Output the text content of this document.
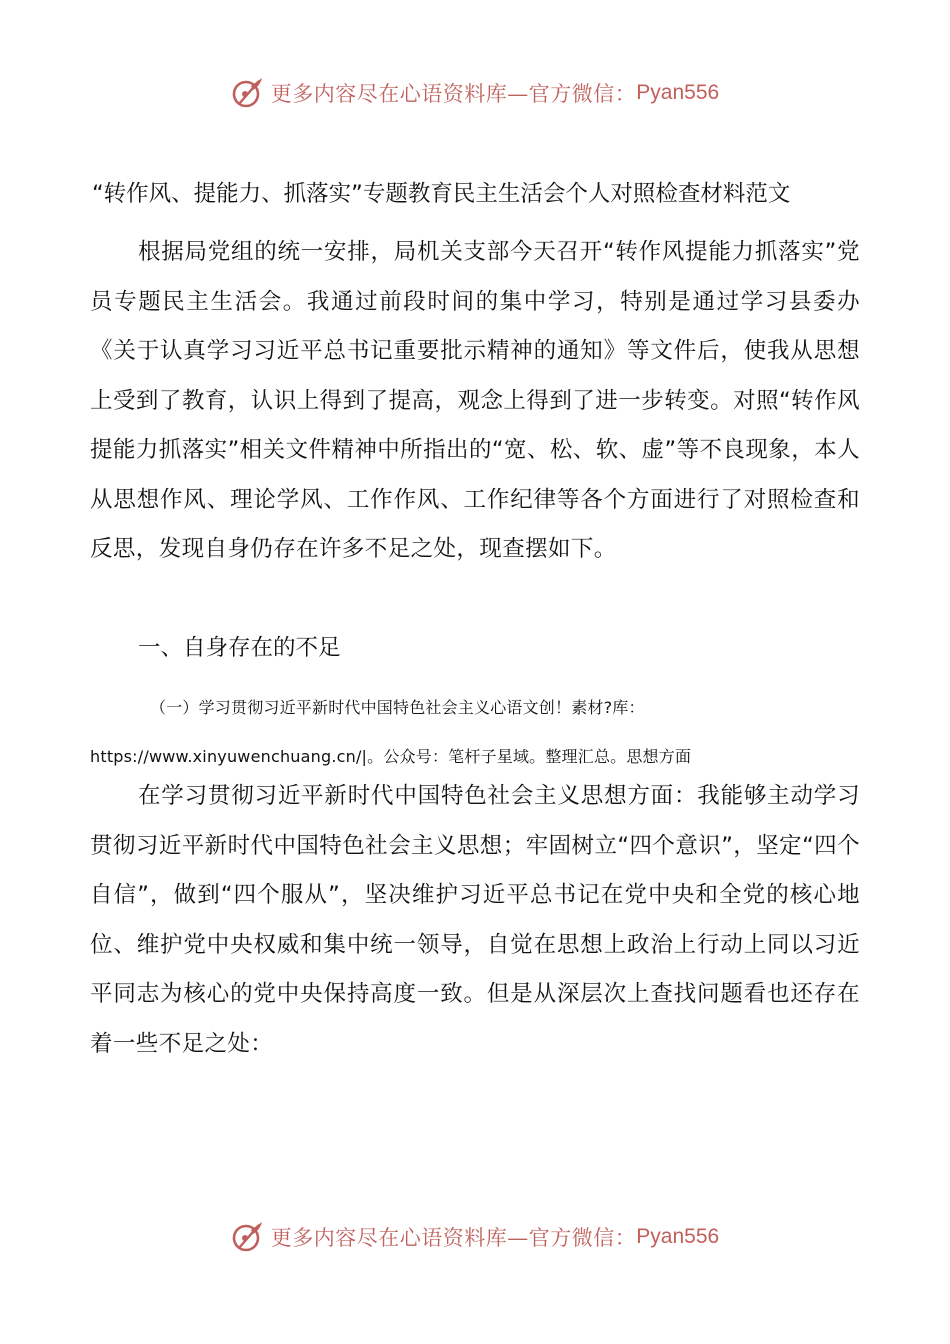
更多内容尽在心语资料库—官方微信： Pyan556
“转作风、提能力、抓落实”专题教育民主生活会个人对照检查材料范文
根据局党组的统一安排，局机关支部今天召开“转作风提能力抓落实”党员专题民主生活会。我通过前段时间的集中学习，特别是通过学习县委办《关于认真学习习近平总书记重要批示精神的通知》等文件后，使我从思想上受到了教育，认识上得到了提高，观念上得到了进一步转变。对照“转作风提能力抓落实”相关文件精神中所指出的“宽、松、软、虚”等不良现象，本人从思想作风、理论学风、工作作风、工作纪律等各个方面进行了对照检查和反思，发现自身仍存在许多不足之处，现查摆如下。
一、自身存在的不足
（一）学习贯彻习近平新时代中国特色社会主义心语文创！素材?库：https://www.xinyuwenchuang.cn/|。公众号：笔杆子星域。整理汇总。思想方面
在学习贯彻习近平新时代中国特色社会主义思想方面：我能够主动学习贯彻习近平新时代中国特色社会主义思想；牢固树立“四个意识”，坚定“四个自信”，做到“四个服从”，坚决维护习近平总书记在党中央和全党的核心地位、维护党中央权威和集中统一领导，自觉在思想上政治上行动上同以习近平同志为核心的党中央保持高度一致。但是从深层次上查找问题看也还存在着一些不足之处：
更多内容尽在心语资料库—官方微信： Pyan556
